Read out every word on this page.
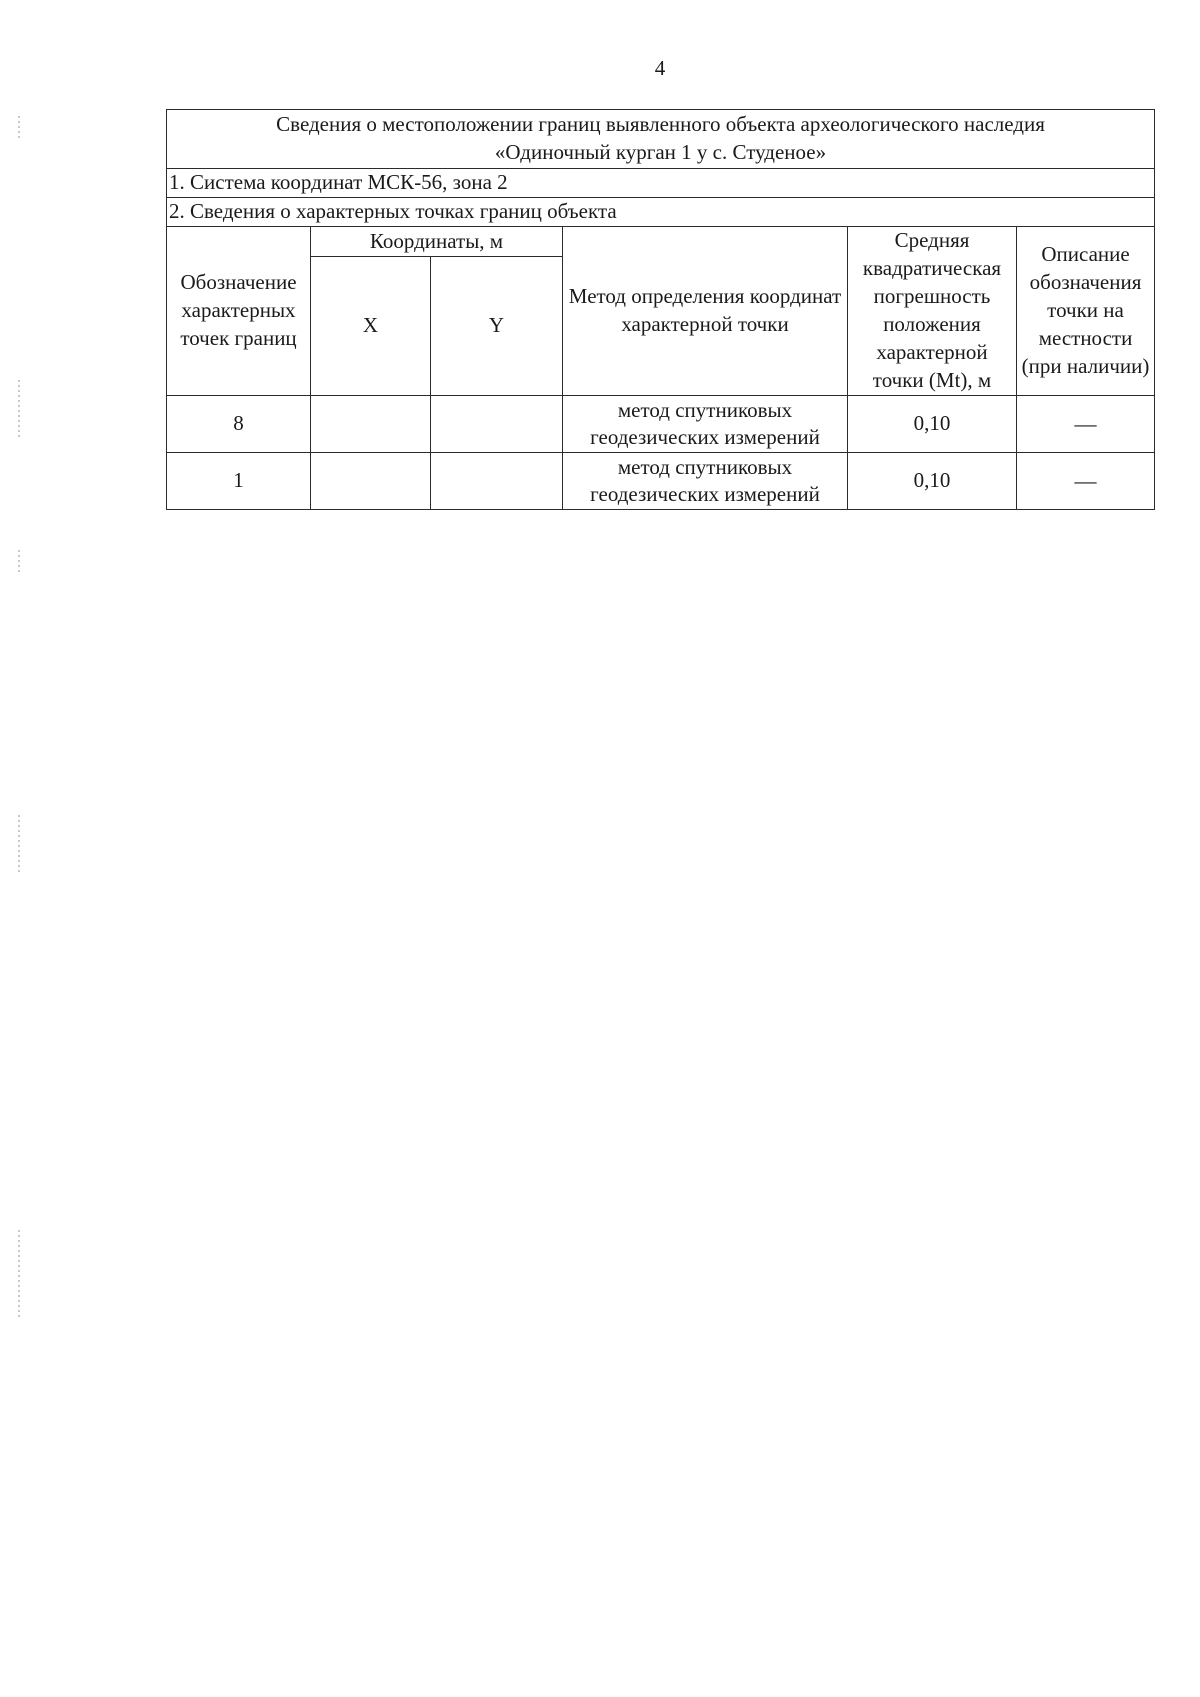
4
Сведения о местоположении границ выявленного объекта археологического наследия
«Одиночный курган 1 у с. Студеное»					

1. Система координат МСК-56, зона 2					
2. Сведения о характерных точках границ объекта					
Обозначение характерных точек границ	Координаты, м		Метод определения координат характерной точки	Средняя квадратическая погрешность положения характерной точки (Mt), м	Описание обозначения точки на местности (при наличии)
	X	Y			
8			метод спутниковых геодезических измерений	0,10	—
1			метод спутниковых геодезических измерений	0,10	—
